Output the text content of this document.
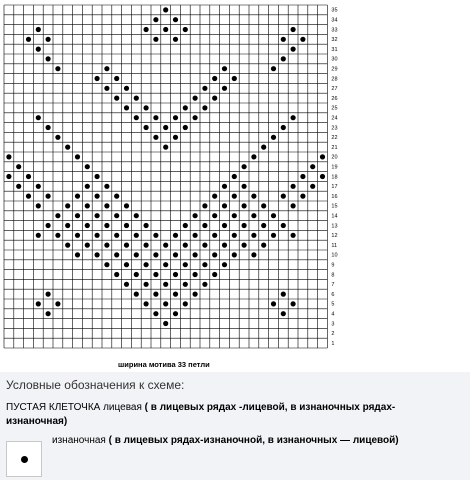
1
2
3
4
5
6
7
8
9
10
11
12
13
14
15
16
17
18
19
20
21
22
23
24
25
26
27
28
29
30
31
32
33
34
35
ширина мотива 33 петли
Условные обозначения к схеме:
ПУСТАЯ КЛЕТОЧКА лицевая ( в лицевых рядах -лицевой, в изнаночных рядах-
изнаночная)
изнаночная ( в лицевых рядах-изнаночной, в изнаночных — лицевой)
